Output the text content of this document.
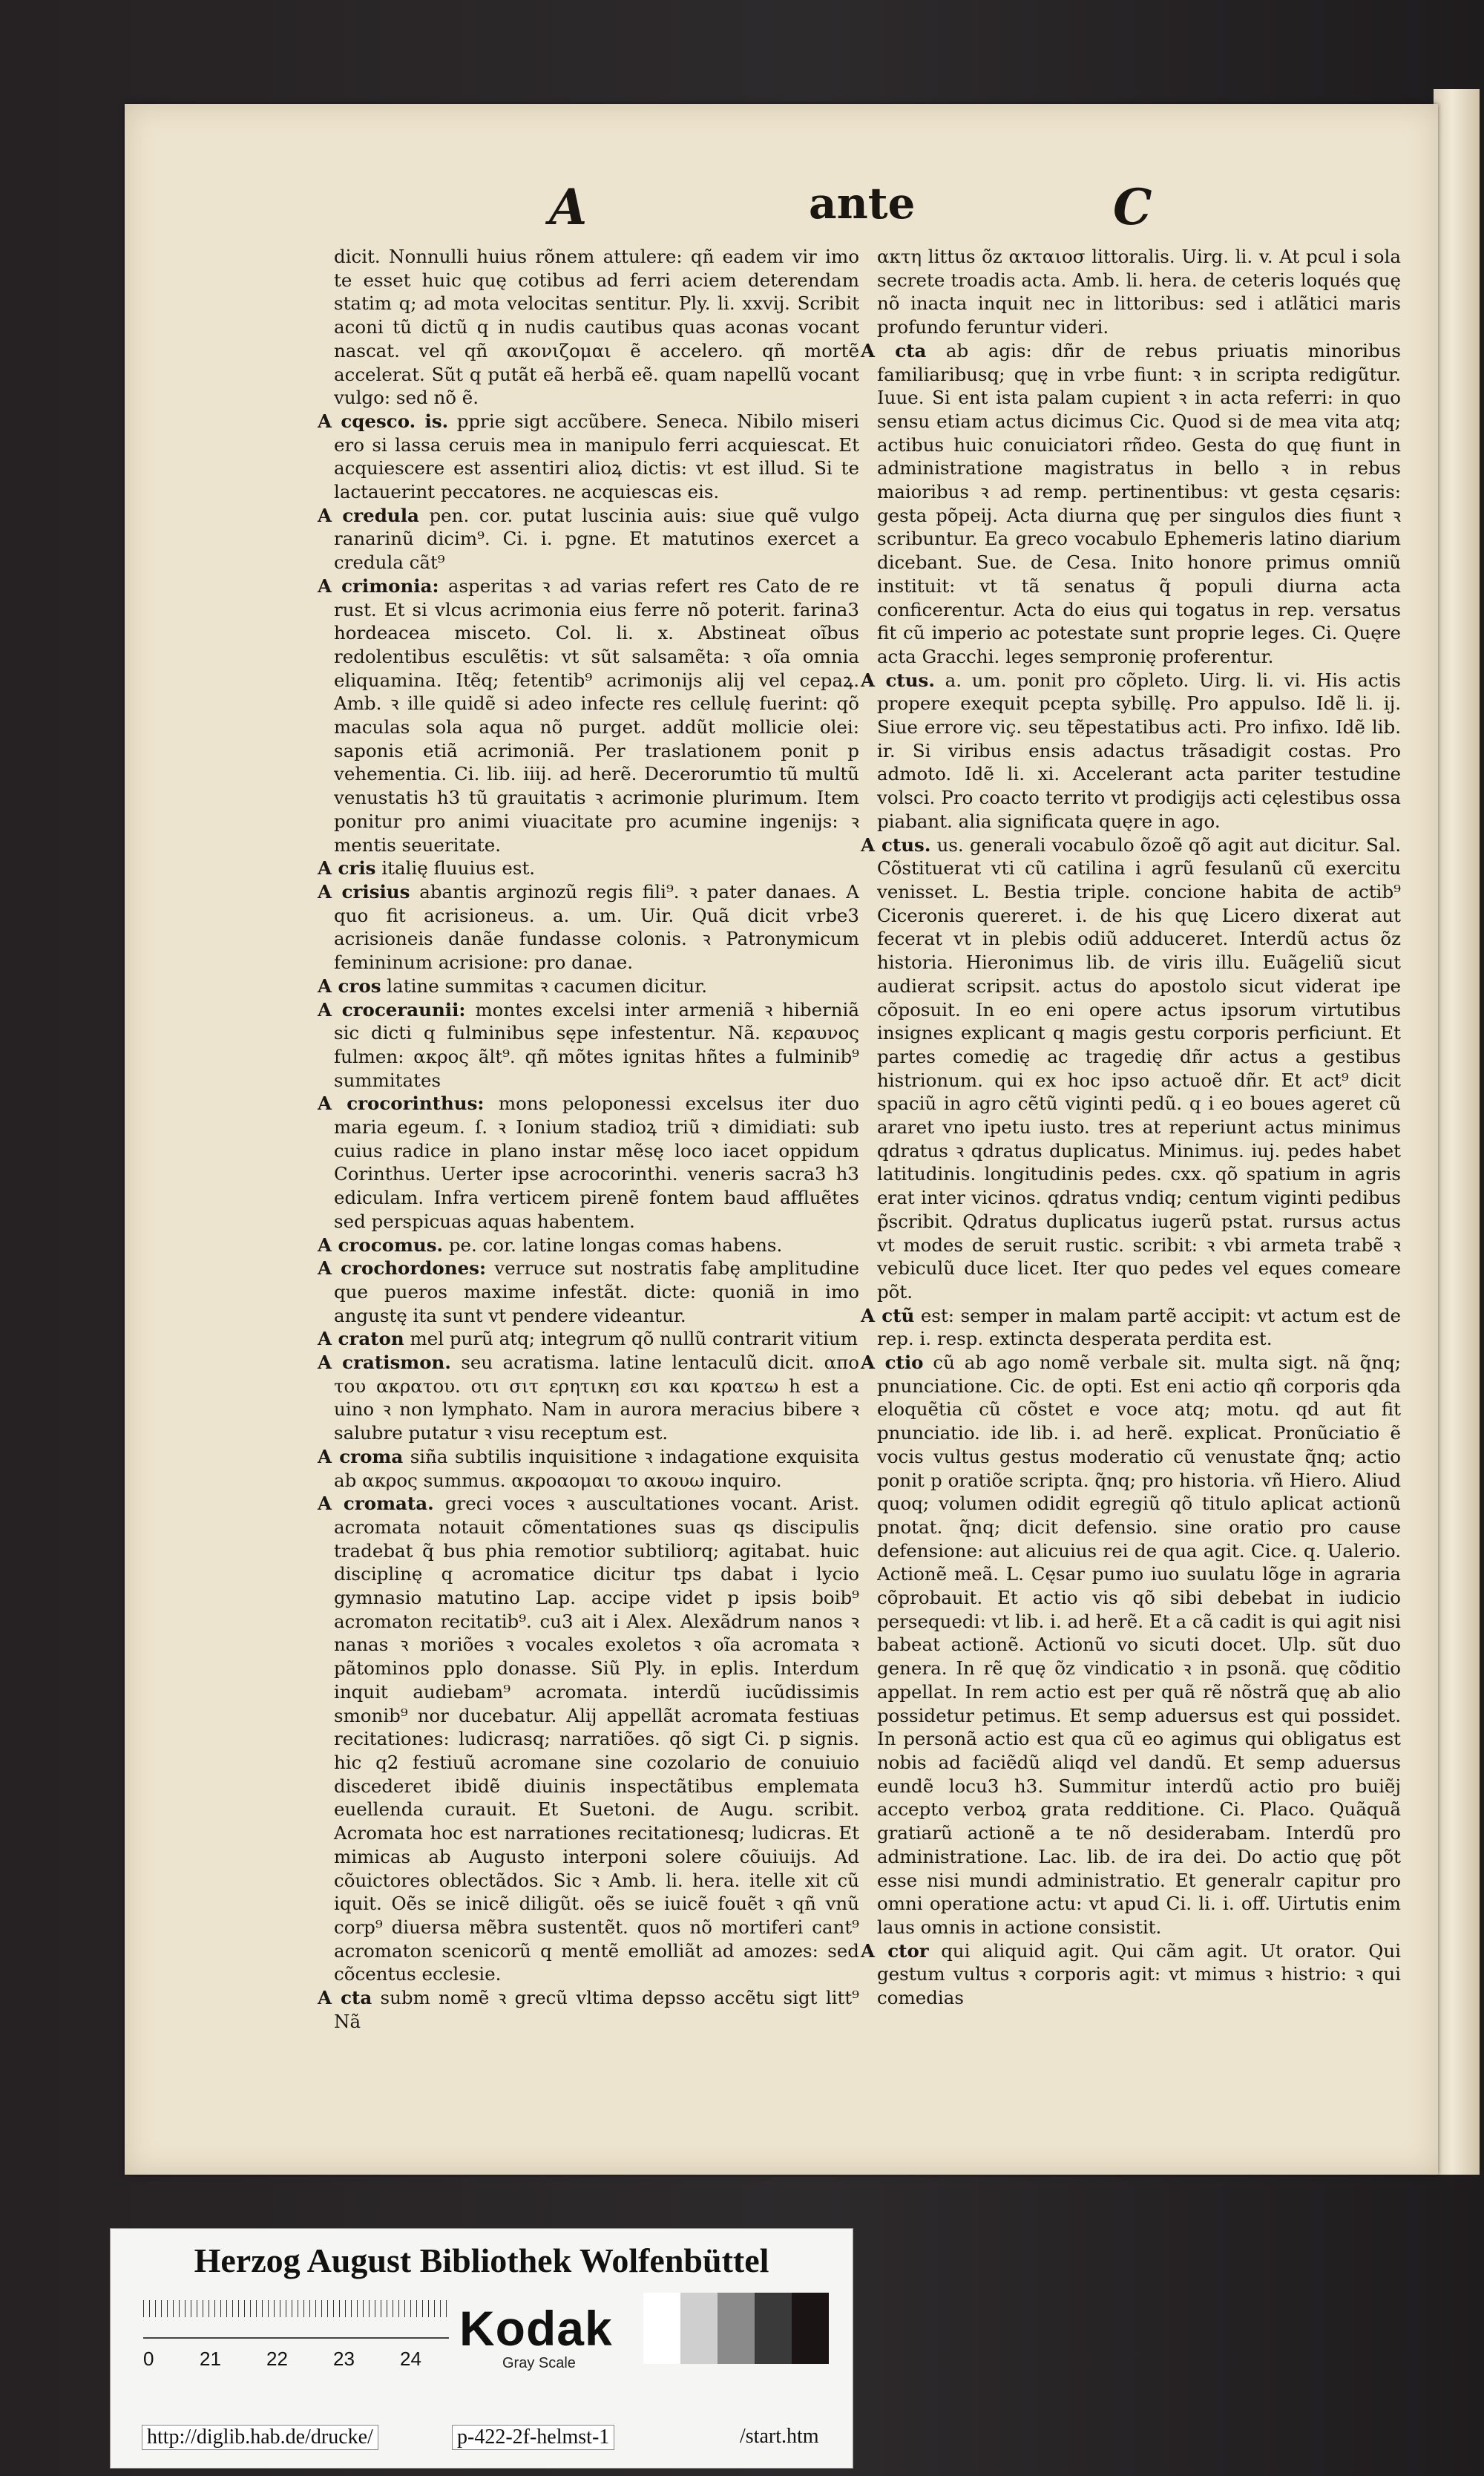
A	ante	C

dicit. Nonnulli huius rõnem attulere: qñ eadem vir imo te esset huic quę cotibus ad ferri aciem deterendam statim q; ad mota velocitas sentitur. Ply. li. xxvij. Scribit aconi tũ dictũ q in nudis cautibus quas aconas vocant nascat. vel qñ ακονιζομαι ẽ accelero. qñ mortẽ accelerat. Sũt q putãt eã herbã eẽ. quam napellũ vocant vulgo: sed nõ ẽ.

A cqesco. is. pprie sigt accũbere. Seneca. Nibilo miseri ero si lassa ceruis mea in manipulo ferri acquiescat. Et acquiescere est assentiri alioꝝ dictis: vt est illud. Si te lactauerint peccatores. ne acquiescas eis.

A credula pen. cor. putat luscinia auis: siue quẽ vulgo ranarinũ dicim⁹. Ci. i. pgne. Et matutinos exercet a credula cãt⁹

A crimonia: asperitas ꝛ ad varias refert res Cato de re rust. Et si vlcus acrimonia eius ferre nõ poterit. farina3 hordeacea misceto. Col. li. x. Abstineat oĩbus redolentibus esculẽtis: vt sũt salsamẽta: ꝛ oĩa omnia eliquamina. Itẽq; fetentib⁹ acrimonijs alij vel cepaꝝ. Amb. ꝛ ille quidẽ si adeo infecte res cellulę fuerint: qõ maculas sola aqua nõ purget. addũt mollicie olei: saponis etiã acrimoniã. Per traslationem ponit p vehementia. Ci. lib. iiij. ad herẽ. Decerorumtio tũ multũ venustatis h3 tũ grauitatis ꝛ acrimonie plurimum. Item ponitur pro animi viuacitate pro acumine ingenijs: ꝛ mentis seueritate.

A cris italię fluuius est.

A crisius abantis arginozũ regis fili⁹. ꝛ pater danaes. A quo fit acrisioneus. a. um. Uir. Quã dicit vrbe3 acrisioneis danãe fundasse colonis. ꝛ Patronymicum femininum acrisione: pro danae.

A cros latine summitas ꝛ cacumen dicitur.

A croceraunii: montes excelsi inter armeniã ꝛ hiberniã sic dicti q fulminibus sępe infestentur. Nã. κεραυνος fulmen: ακρος ãlt⁹. qñ mõtes ignitas hñtes a fulminib⁹ summitates

A crocorinthus: mons peloponessi excelsus iter duo maria egeum. ſ. ꝛ Ionium stadioꝝ triũ ꝛ dimidiati: sub cuius radice in plano instar mẽsę loco iacet oppidum Corinthus. Uerter ipse acrocorinthi. veneris sacra3 h3 ediculam. Infra verticem pirenẽ fontem baud affluẽtes sed perspicuas aquas habentem.

A crocomus. pe. cor. latine longas comas habens.

A crochordones: verruce sut nostratis fabę amplitudine que pueros maxime infestãt. dicte: quoniã in imo angustę ita sunt vt pendere videantur.

A craton mel purũ atq; integrum qõ nullũ contrarit vitium

A cratismon. seu acratisma. latine lentaculũ dicit. απο του ακρατου. οτι σιτ ερητικη εσι και κρατεω h est a uino ꝛ non lymphato. Nam in aurora meracius bibere ꝛ salubre putatur ꝛ visu receptum est.

A croma siña subtilis inquisitione ꝛ indagatione exquisita ab ακρος summus. ακροαομαι το ακουω inquiro.

A cromata. greci voces ꝛ auscultationes vocant. Arist. acromata notauit cõmentationes suas qs discipulis tradebat q̃ bus phia remotior subtiliorq; agitabat. huic disciplinę q acromatice dicitur tps dabat i lycio gymnasio matutino Lap. accipe videt p ipsis boib⁹ acromaton recitatib⁹. cu3 ait i Alex. Alexãdrum nanos ꝛ nanas ꝛ moriões ꝛ vocales exoletos ꝛ oĩa acromata ꝛ pãtominos pplo donasse. Siũ Ply. in eplis. Interdum inquit audiebam⁹ acromata. interdũ iucũdissimis smonib⁹ nor ducebatur. Alij appellãt acromata festiuas recitationes: ludicrasq; narratiões. qõ sigt Ci. p signis. hic q2 festiuũ acromane sine cozolario de conuiuio discederet ibidẽ diuinis inspectãtibus emplemata euellenda curauit. Et Suetoni. de Augu. scribit. Acromata hoc est narrationes recitationesq; ludicras. Et mimicas ab Augusto interponi solere cõuiuijs. Ad cõuictores oblectãdos. Sic ꝛ Amb. li. hera. itelle xit cũ iquit. Oẽs se inicẽ diligũt. oẽs se iuicẽ fouẽt ꝛ qñ vnũ corp⁹ diuersa mẽbra sustentẽt. quos nõ mortiferi cant⁹ acromaton scenicorũ q mentẽ emolliãt ad amozes: sed cõcentus ecclesie.

A cta subm nomẽ ꝛ grecũ vltima depsso accẽtu sigt litt⁹ Nã

ακτη littus õz ακταιοσ littoralis. Uirg. li. v. At pcul i sola secrete troadis acta. Amb. li. hera. de ceteris loqués quę nõ inacta inquit nec in littoribus: sed i atlãtici maris profundo feruntur videri.

A cta ab agis: dñr de rebus priuatis minoribus familiaribusq; quę in vrbe fiunt: ꝛ in scripta redigũtur. Iuue. Si ent ista palam cupient ꝛ in acta referri: in quo sensu etiam actus dicimus Cic. Quod si de mea vita atq; actibus huic conuiciatori rñdeo. Gesta do quę fiunt in administratione magistratus in bello ꝛ in rebus maioribus ꝛ ad remp. pertinentibus: vt gesta cęsaris: gesta põpeij. Acta diurna quę per singulos dies fiunt ꝛ scribuntur. Ea greco vocabulo Ephemeris latino diarium dicebant. Sue. de Cesa. Inito honore primus omniũ instituit: vt tã senatus q̃ populi diurna acta conficerentur. Acta do eius qui togatus in rep. versatus fit cũ imperio ac potestate sunt proprie leges. Ci. Quęre acta Gracchi. leges sempronię proferentur.

A ctus. a. um. ponit pro cõpleto. Uirg. li. vi. His actis propere exequit pcepta sybillę. Pro appulso. Idẽ li. ij. Siue errore viç. seu tẽpestatibus acti. Pro infixo. Idẽ lib. ir. Si viribus ensis adactus trãsadigit costas. Pro admoto. Idẽ li. xi. Accelerant acta pariter testudine volsci. Pro coacto territo vt prodigijs acti cęlestibus ossa piabant. alia significata quęre in ago.

A ctus. us. generali vocabulo õzoẽ qõ agit aut dicitur. Sal. Cõstituerat vti cũ catilina i agrũ fesulanũ cũ exercitu venisset. L. Bestia triple. concione habita de actib⁹ Ciceronis quereret. i. de his quę Licero dixerat aut fecerat vt in plebis odiũ adduceret. Interdũ actus õz historia. Hieronimus lib. de viris illu. Euãgeliũ sicut audierat scripsit. actus do apostolo sicut viderat ipe cõposuit. In eo eni opere actus ipsorum virtutibus insignes explicant q magis gestu corporis perficiunt. Et partes comedię ac tragedię dñr actus a gestibus histrionum. qui ex hoc ipso actuoẽ dñr. Et act⁹ dicit spaciũ in agro cẽtũ viginti pedũ. q i eo boues ageret cũ araret vno ipetu iusto. tres at reperiunt actus minimus qdratus ꝛ qdratus duplicatus. Minimus. iuj. pedes habet latitudinis. longitudinis pedes. cxx. qõ spatium in agris erat inter vicinos. qdratus vndiq; centum viginti pedibus p̃scribit. Qdratus duplicatus iugerũ pstat. rursus actus vt modes de seruit rustic. scribit: ꝛ vbi armeta trabẽ ꝛ vebiculũ duce licet. Iter quo pedes vel eques comeare põt.

A ctũ est: semper in malam partẽ accipit: vt actum est de rep. i. resp. extincta desperata perdita est.

A ctio cũ ab ago nomẽ verbale sit. multa sigt. nã q̃nq; pnunciatione. Cic. de opti. Est eni actio qñ corporis qda eloquẽtia cũ cõstet e voce atq; motu. qd aut fit pnunciatio. ide lib. i. ad herẽ. explicat. Pronũciatio ẽ vocis vultus gestus moderatio cũ venustate q̃nq; actio ponit p oratiõe scripta. q̃nq; pro historia. vñ Hiero. Aliud quoq; volumen odidit egregiũ qõ titulo aplicat actionũ pnotat. q̃nq; dicit defensio. sine oratio pro cause defensione: aut alicuius rei de qua agit. Cice. q. Ualerio. Actionẽ meã. L. Cęsar pumo iuo suulatu lõge in agraria cõprobauit. Et actio vis qõ sibi debebat in iudicio persequedi: vt lib. i. ad herẽ. Et a cã cadit is qui agit nisi babeat actionẽ. Actionũ vo sicuti docet. Ulp. sũt duo genera. In rẽ quę õz vindicatio ꝛ in psonã. quę cõditio appellat. In rem actio est per quã rẽ nõstrã quę ab alio possidetur petimus. Et semp aduersus est qui possidet. In personã actio est qua cũ eo agimus qui obligatus est nobis ad faciẽdũ aliqd vel dandũ. Et semp aduersus eundẽ locu3 h3. Summitur interdũ actio pro buiẽj accepto verboꝝ grata redditione. Ci. Placo. Quãquã gratiarũ actionẽ a te nõ desiderabam. Interdũ pro administratione. Lac. lib. de ira dei. Do actio quę põt esse nisi mundi administratio. Et generalr capitur pro omni operatione actu: vt apud Ci. li. i. off. Uirtutis enim laus omnis in actione consistit.

A ctor qui aliquid agit. Qui cãm agit. Ut orator. Qui gestum vultus ꝛ corporis agit: vt mimus ꝛ histrio: ꝛ qui comedias

Herzog August Bibliothek Wolfenbüttel
0 21 22 23 24
Kodak
Gray Scale
http://diglib.hab.de/drucke/	p-422-2f-helmst-1	/start.htm
